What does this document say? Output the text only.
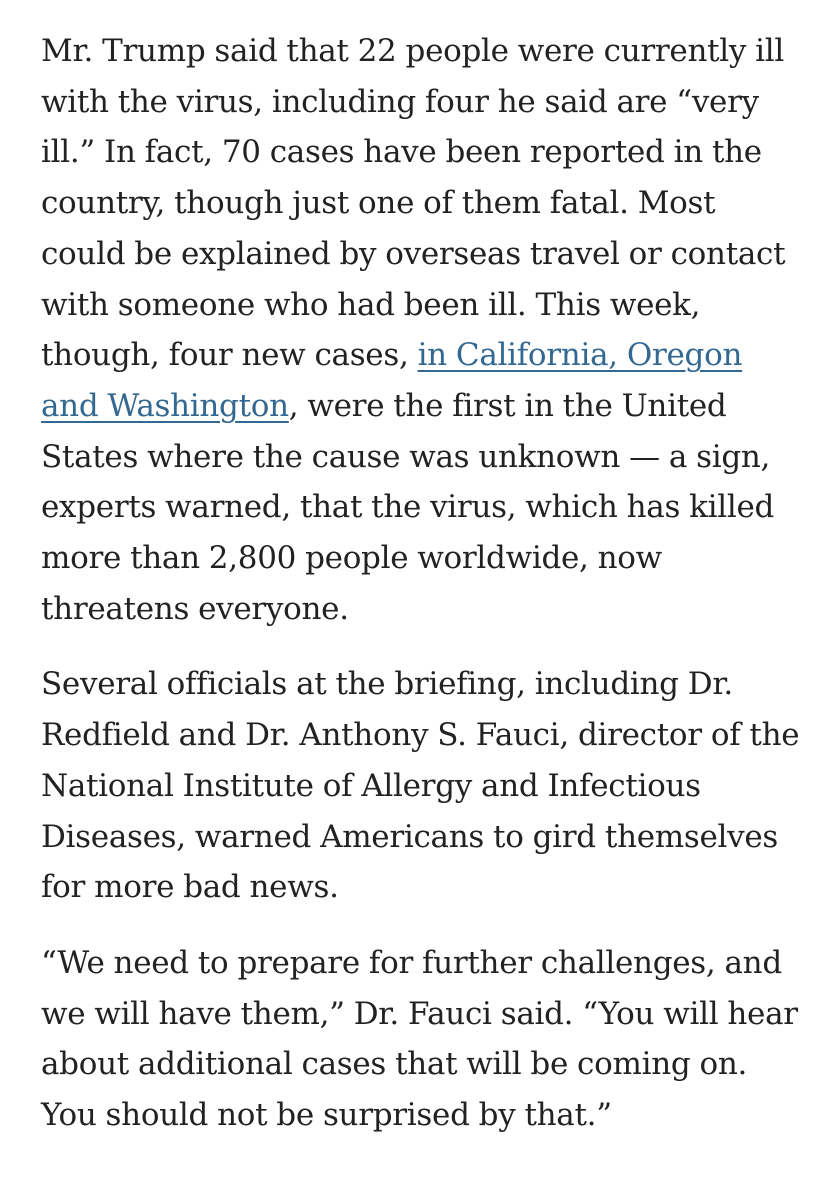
Mr. Trump said that 22 people were currently ill with the virus, including four he said are “very ill.” In fact, 70 cases have been reported in the country, though just one of them fatal. Most could be explained by overseas travel or contact with someone who had been ill. This week, though, four new cases, in California, Oregon and Washington, were the first in the United States where the cause was unknown — a sign, experts warned, that the virus, which has killed more than 2,800 people worldwide, now threatens everyone.

Several officials at the briefing, including Dr. Redfield and Dr. Anthony S. Fauci, director of the National Institute of Allergy and Infectious Diseases, warned Americans to gird themselves for more bad news.

“We need to prepare for further challenges, and we will have them,” Dr. Fauci said. “You will hear about additional cases that will be coming on. You should not be surprised by that.”
